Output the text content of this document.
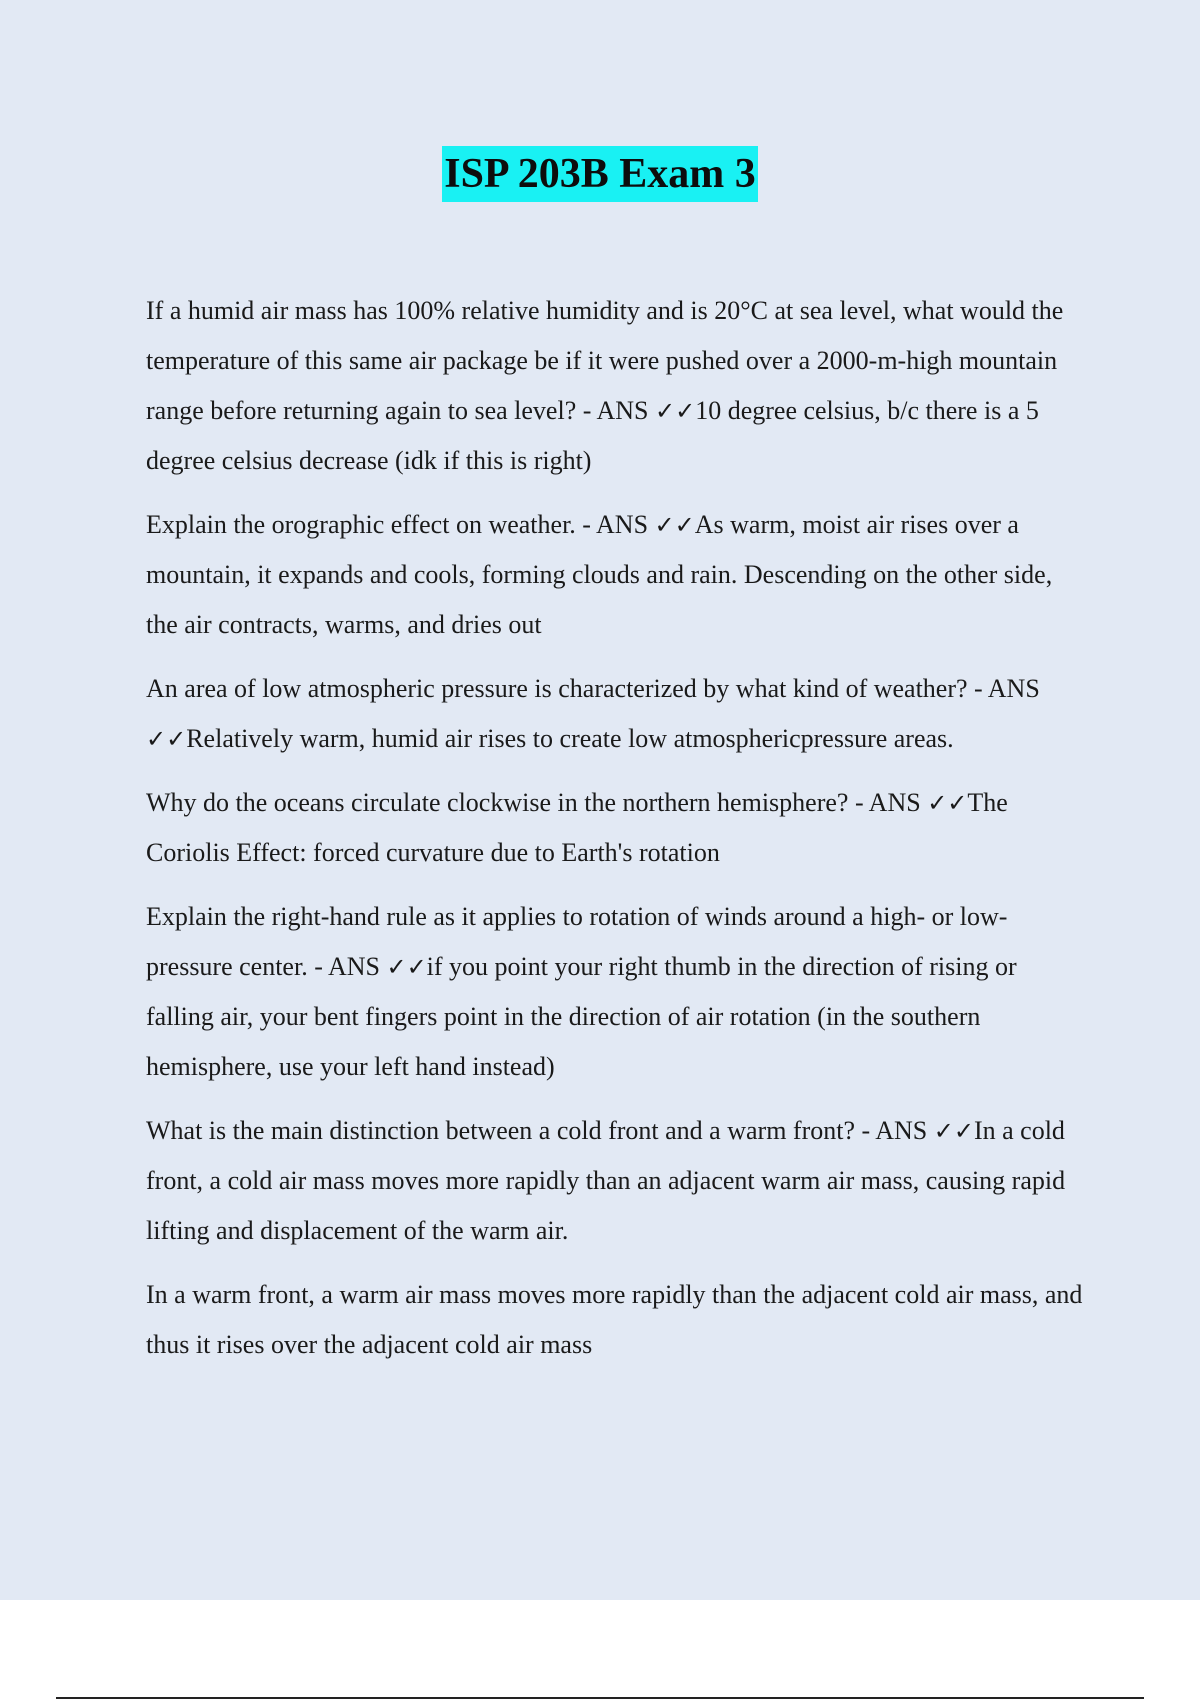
ISP 203B Exam 3

If a humid air mass has 100% relative humidity and is 20°C at sea level, what would the temperature of this same air package be if it were pushed over a 2000-m-high mountain range before returning again to sea level? - ANS ✓✓10 degree celsius, b/c there is a 5 degree celsius decrease (idk if this is right)

Explain the orographic effect on weather. - ANS ✓✓As warm, moist air rises over a mountain, it expands and cools, forming clouds and rain. Descending on the other side, the air contracts, warms, and dries out

An area of low atmospheric pressure is characterized by what kind of weather? - ANS ✓✓Relatively warm, humid air rises to create low atmosphericpressure areas.

Why do the oceans circulate clockwise in the northern hemisphere? - ANS ✓✓The Coriolis Effect: forced curvature due to Earth's rotation

Explain the right-hand rule as it applies to rotation of winds around a high- or low-pressure center. - ANS ✓✓if you point your right thumb in the direction of rising or falling air, your bent fingers point in the direction of air rotation (in the southern hemisphere, use your left hand instead)

What is the main distinction between a cold front and a warm front? - ANS ✓✓In a cold front, a cold air mass moves more rapidly than an adjacent warm air mass, causing rapid lifting and displacement of the warm air.

In a warm front, a warm air mass moves more rapidly than the adjacent cold air mass, and thus it rises over the adjacent cold air mass
